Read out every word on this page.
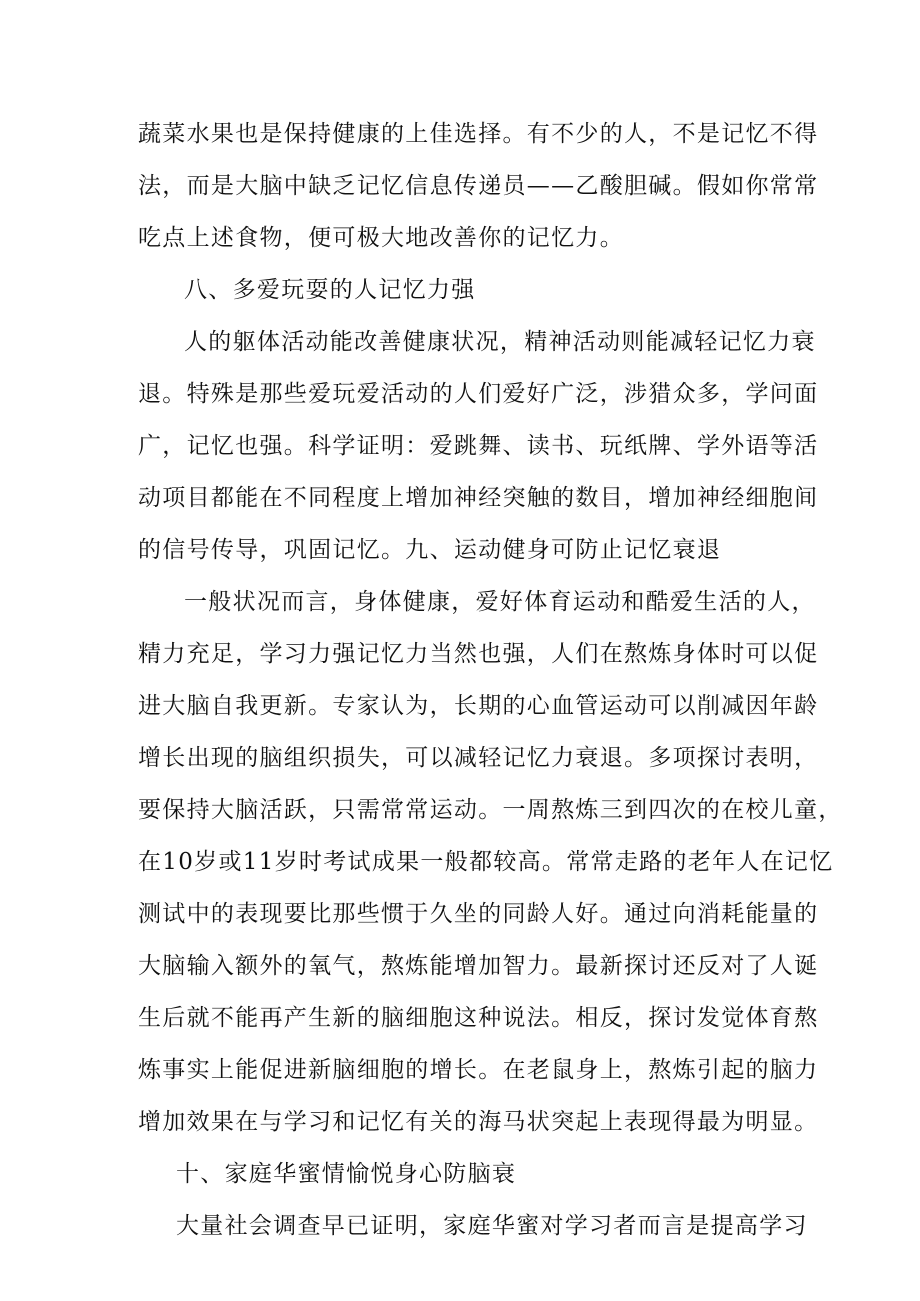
蔬菜水果也是保持健康的上佳选择。有不少的人，不是记忆不得
法，而是大脑中缺乏记忆信息传递员——乙酸胆碱。假如你常常
吃点上述食物，便可极大地改善你的记忆力。
八、多爱玩耍的人记忆力强
人的躯体活动能改善健康状况，精神活动则能减轻记忆力衰
退。特殊是那些爱玩爱活动的人们爱好广泛，涉猎众多，学问面
广，记忆也强。科学证明：爱跳舞、读书、玩纸牌、学外语等活
动项目都能在不同程度上增加神经突触的数目，增加神经细胞间
的信号传导，巩固记忆。九、运动健身可防止记忆衰退
一般状况而言，身体健康，爱好体育运动和酷爱生活的人，
精力充足，学习力强记忆力当然也强，人们在熬炼身体时可以促
进大脑自我更新。专家认为，长期的心血管运动可以削减因年龄
增长出现的脑组织损失，可以减轻记忆力衰退。多项探讨表明，
要保持大脑活跃，只需常常运动。一周熬炼三到四次的在校儿童，
在10岁或11岁时考试成果一般都较高。常常走路的老年人在记忆
测试中的表现要比那些惯于久坐的同龄人好。通过向消耗能量的
大脑输入额外的氧气，熬炼能增加智力。最新探讨还反对了人诞
生后就不能再产生新的脑细胞这种说法。相反，探讨发觉体育熬
炼事实上能促进新脑细胞的增长。在老鼠身上，熬炼引起的脑力
增加效果在与学习和记忆有关的海马状突起上表现得最为明显。
十、家庭华蜜情愉悦身心防脑衰
大量社会调查早已证明，家庭华蜜对学习者而言是提高学习
